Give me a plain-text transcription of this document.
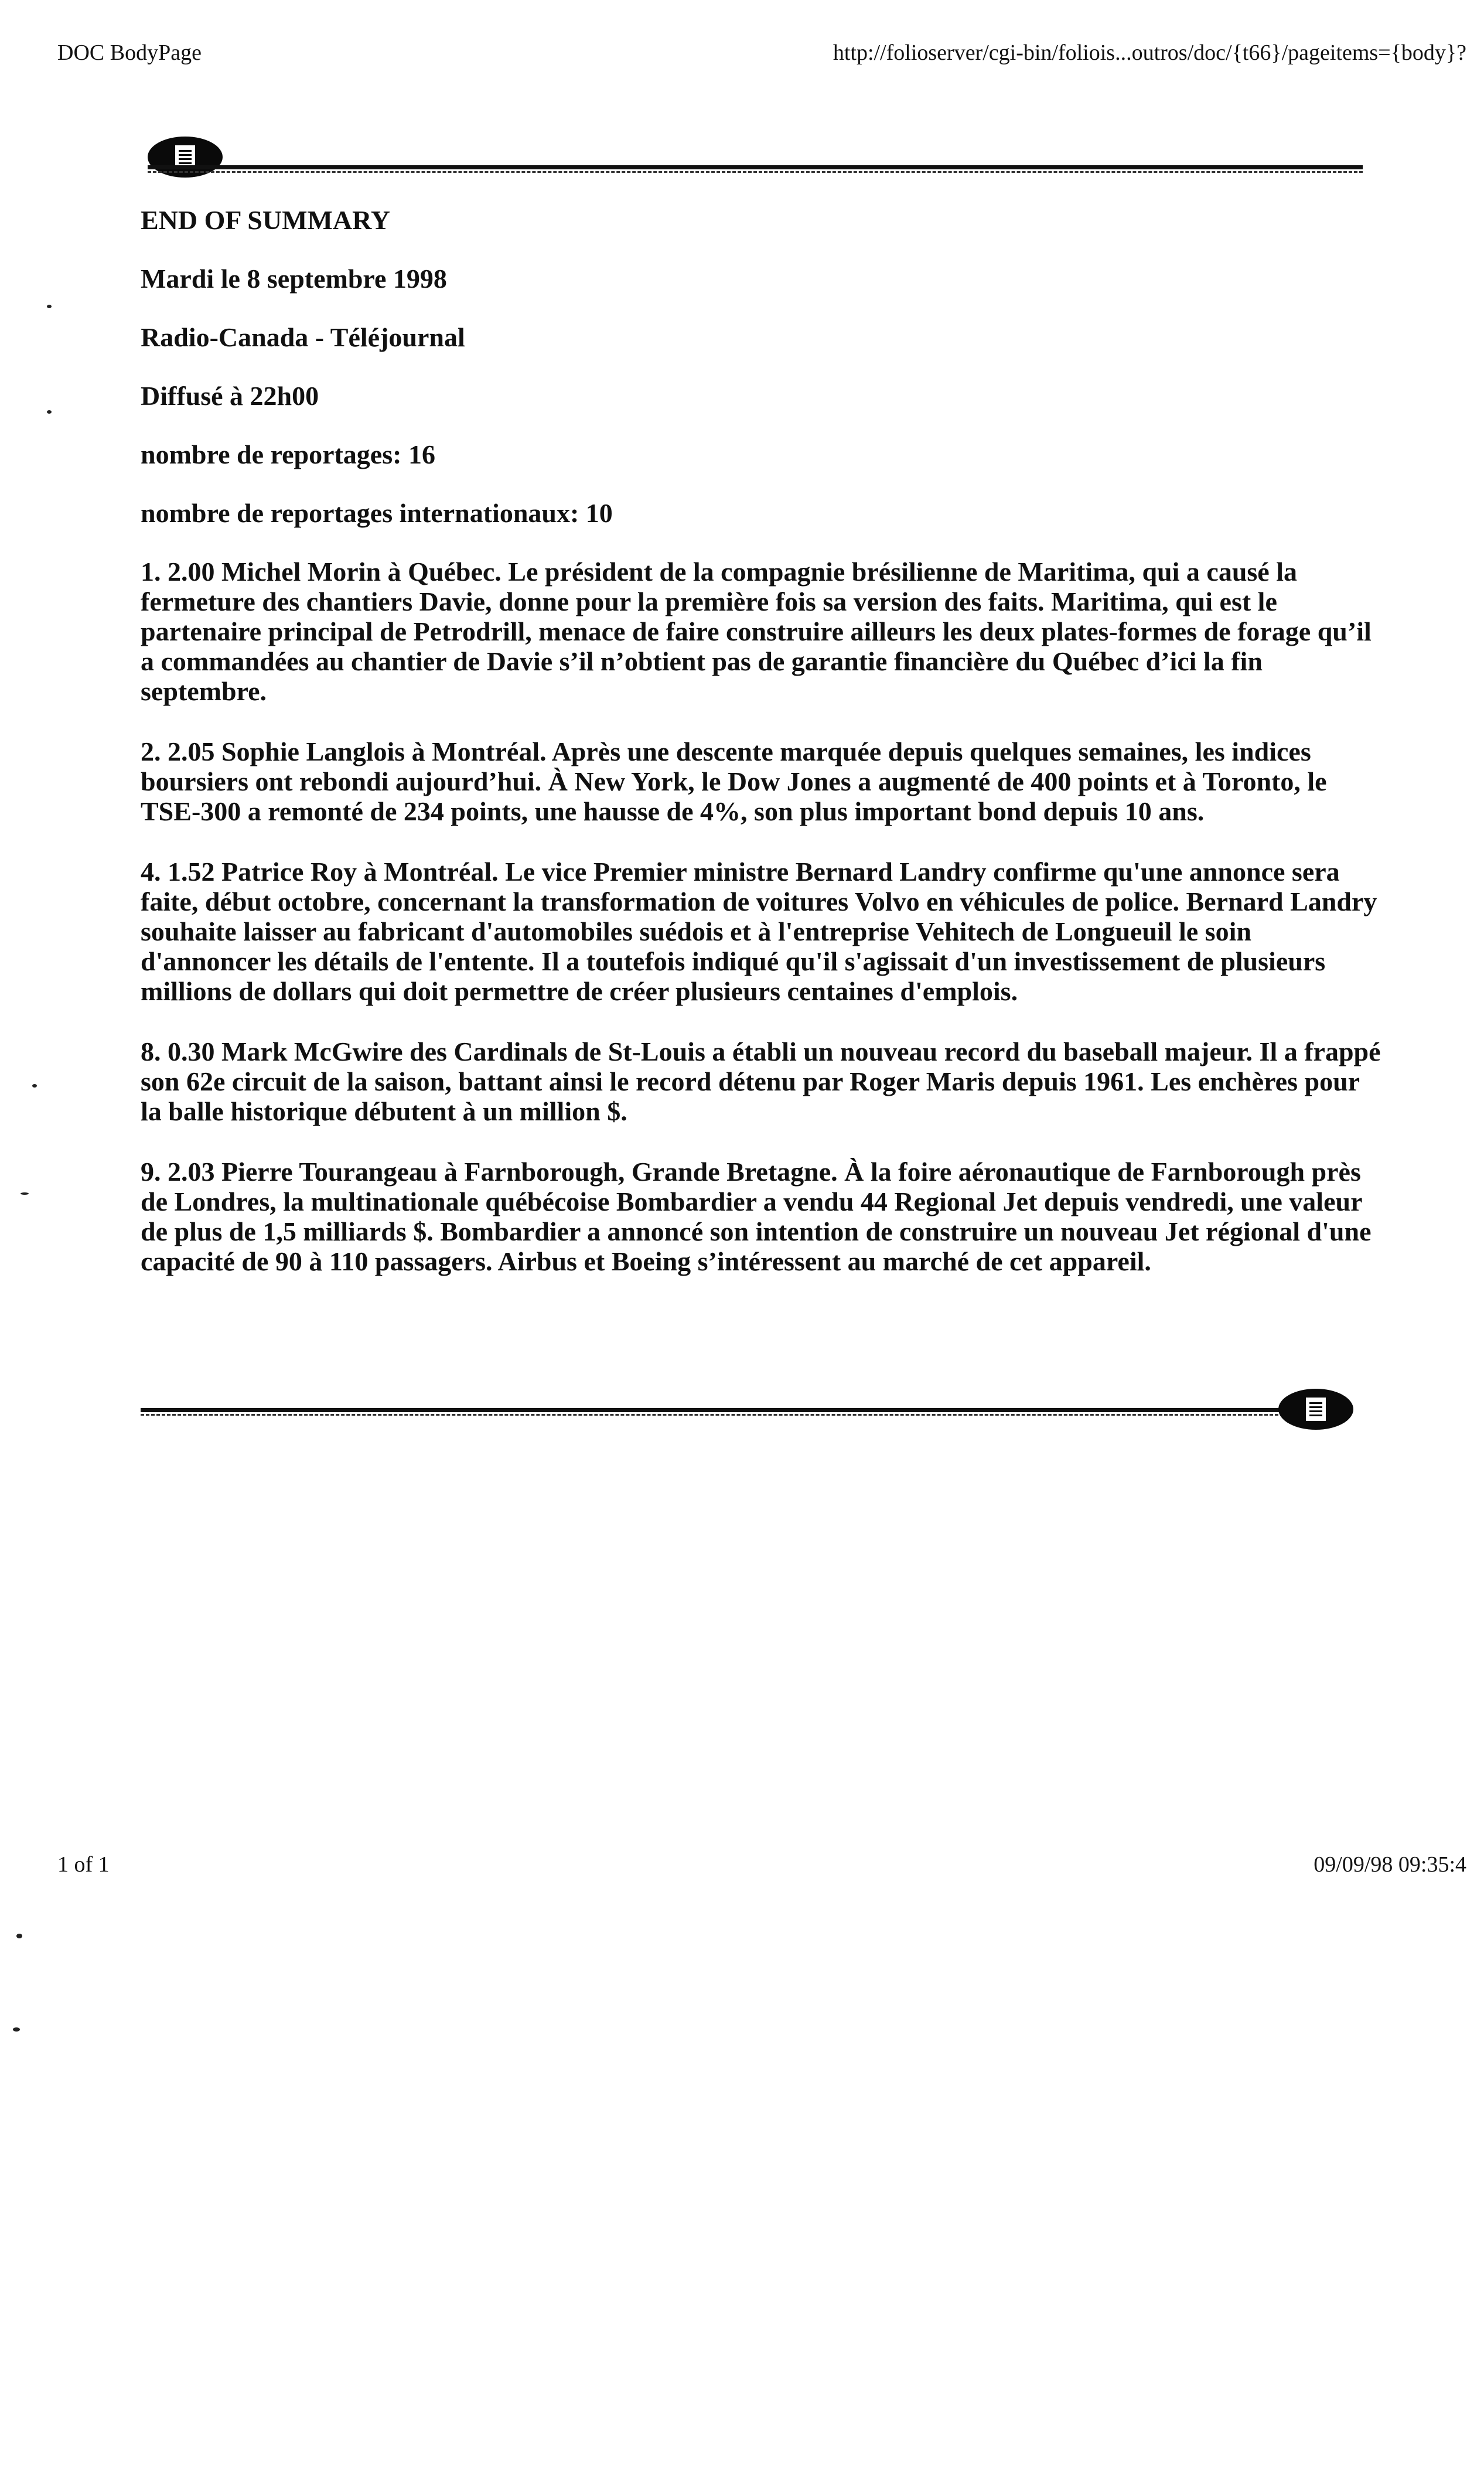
DOC BodyPage	http://folioserver/cgi-bin/foliois...outros/doc/{t66}/pageitems={body}?

END OF SUMMARY

Mardi le 8 septembre 1998

Radio-Canada - Téléjournal

Diffusé à 22h00

nombre de reportages: 16

nombre de reportages internationaux: 10

1. 2.00 Michel Morin à Québec. Le président de la compagnie brésilienne de Maritima, qui a causé la fermeture des chantiers Davie, donne pour la première fois sa version des faits. Maritima, qui est le partenaire principal de Petrodrill, menace de faire construire ailleurs les deux plates-formes de forage qu’il a commandées au chantier de Davie s’il n’obtient pas de garantie financière du Québec d’ici la fin septembre.

2. 2.05 Sophie Langlois à Montréal. Après une descente marquée depuis quelques semaines, les indices boursiers ont rebondi aujourd’hui. À New York, le Dow Jones a augmenté de 400 points et à Toronto, le TSE-300 a remonté de 234 points, une hausse de 4%, son plus important bond depuis 10 ans.

4. 1.52 Patrice Roy à Montréal. Le vice Premier ministre Bernard Landry confirme qu'une annonce sera faite, début octobre, concernant la transformation de voitures Volvo en véhicules de police. Bernard Landry souhaite laisser au fabricant d'automobiles suédois et à l'entreprise Vehitech de Longueuil le soin d'annoncer les détails de l'entente. Il a toutefois indiqué qu'il s'agissait d'un investissement de plusieurs millions de dollars qui doit permettre de créer plusieurs centaines d'emplois.

8. 0.30 Mark McGwire des Cardinals de St-Louis a établi un nouveau record du baseball majeur. Il a frappé son 62e circuit de la saison, battant ainsi le record détenu par Roger Maris depuis 1961. Les enchères pour la balle historique débutent à un million $.

9. 2.03 Pierre Tourangeau à Farnborough, Grande Bretagne. À la foire aéronautique de Farnborough près de Londres, la multinationale québécoise Bombardier a vendu 44 Regional Jet depuis vendredi, une valeur de plus de 1,5 milliards $. Bombardier a annoncé son intention de construire un nouveau Jet régional d'une capacité de 90 à 110 passagers. Airbus et Boeing s’intéressent au marché de cet appareil.

1 of 1	09/09/98 09:35:4
